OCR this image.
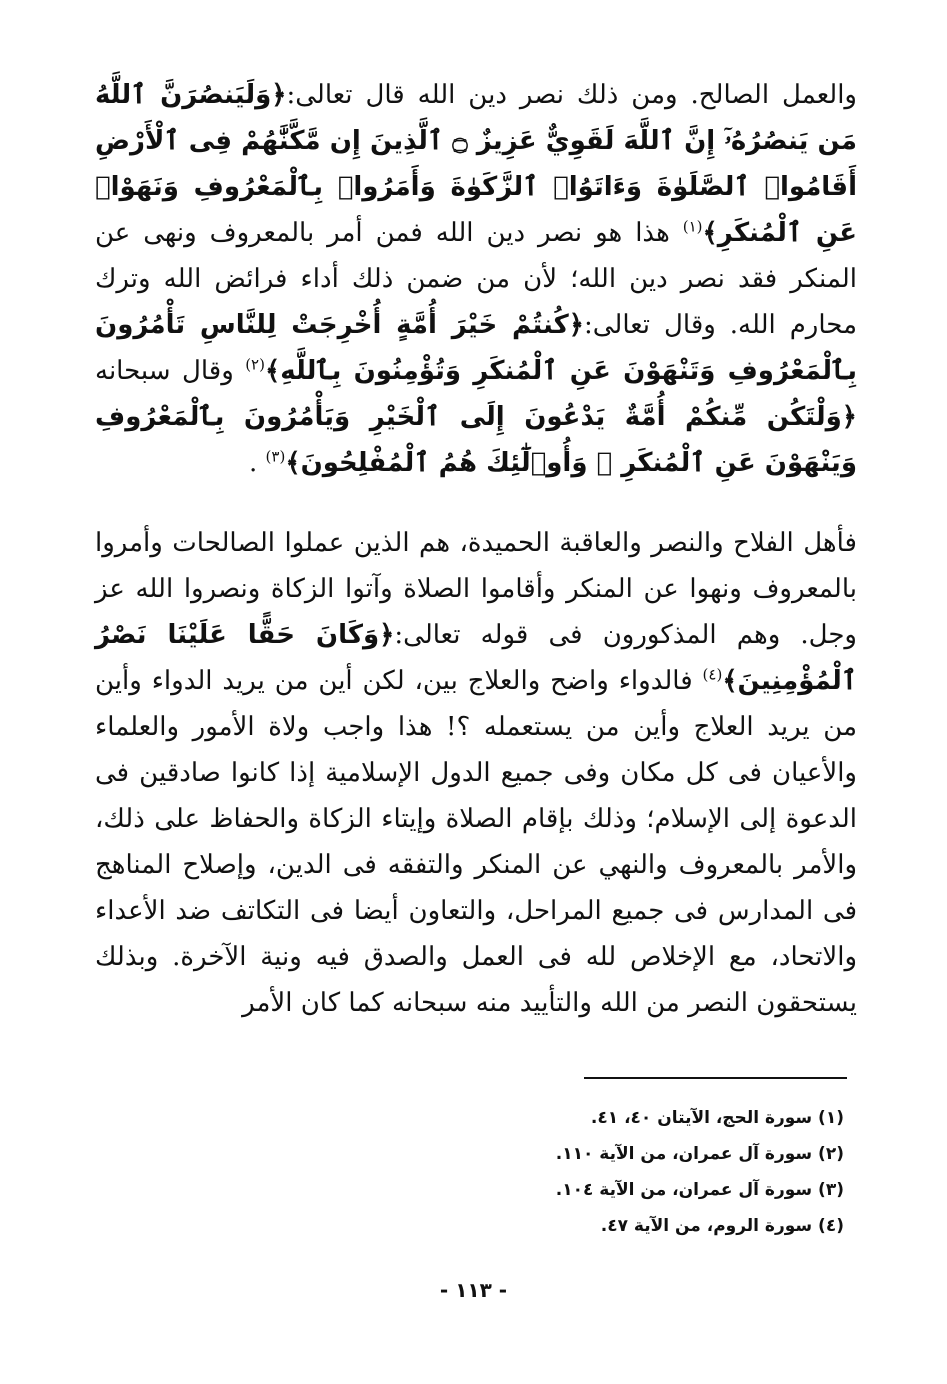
والعمل الصالح. ومن ذلك نصر دين الله قال تعالى:﴿وَلَيَنصُرَنَّ ٱللَّهُ مَن يَنصُرُهُۥٓ إِنَّ ٱللَّهَ لَقَوِيٌّ عَزِيزٌ ۝ ٱلَّذِينَ إِن مَّكَّنَّٰهُمْ فِى ٱلْأَرْضِ أَقَامُوا۟ ٱلصَّلَوٰةَ وَءَاتَوُا۟ ٱلزَّكَوٰةَ وَأَمَرُوا۟ بِٱلْمَعْرُوفِ وَنَهَوْا۟ عَنِ ٱلْمُنكَرِ﴾$^{(١)}$ هذا هو نصر دين الله فمن أمر بالمعروف ونهى عن المنكر فقد نصر دين الله؛ لأن من ضمن ذلك أداء فرائض الله وترك محارم الله. وقال تعالى:﴿كُنتُمْ خَيْرَ أُمَّةٍ أُخْرِجَتْ لِلنَّاسِ تَأْمُرُونَ بِٱلْمَعْرُوفِ وَتَنْهَوْنَ عَنِ ٱلْمُنكَرِ وَتُؤْمِنُونَ بِٱللَّهِ﴾$^{(٢)}$ وقال سبحانه ﴿وَلْتَكُن مِّنكُمْ أُمَّةٌ يَدْعُونَ إِلَى ٱلْخَيْرِ وَيَأْمُرُونَ بِٱلْمَعْرُوفِ وَيَنْهَوْنَ عَنِ ٱلْمُنكَرِ ۚ وَأُو۟لَٰٓئِكَ هُمُ ٱلْمُفْلِحُونَ﴾$^{(٣)}$ .

فأهل الفلاح والنصر والعاقبة الحميدة، هم الذين عملوا الصالحات وأمروا بالمعروف ونهوا عن المنكر وأقاموا الصلاة وآتوا الزكاة ونصروا الله عز وجل. وهم المذكورون فى قوله تعالى:﴿وَكَانَ حَقًّا عَلَيْنَا نَصْرُ ٱلْمُؤْمِنِينَ﴾$^{(٤)}$ فالدواء واضح والعلاج بين، لكن أين من يريد الدواء وأين من يريد العلاج وأين من يستعمله ؟! هذا واجب ولاة الأمور والعلماء والأعيان فى كل مكان وفى جميع الدول الإسلامية إذا كانوا صادقين فى الدعوة إلى الإسلام؛ وذلك بإقام الصلاة وإيتاء الزكاة والحفاظ على ذلك، والأمر بالمعروف والنهي عن المنكر والتفقه فى الدين، وإصلاح المناهج فى المدارس فى جميع المراحل، والتعاون أيضا فى التكاتف ضد الأعداء والاتحاد، مع الإخلاص لله فى العمل والصدق فيه ونية الآخرة. وبذلك يستحقون النصر من الله والتأييد منه سبحانه كما كان الأمر

(١) سورة الحج، الآيتان ٤٠، ٤١.
(٢) سورة آل عمران، من الآية ١١٠.
(٣) سورة آل عمران، من الآية ١٠٤.
(٤) سورة الروم، من الآية ٤٧.
- ١١٣ -
